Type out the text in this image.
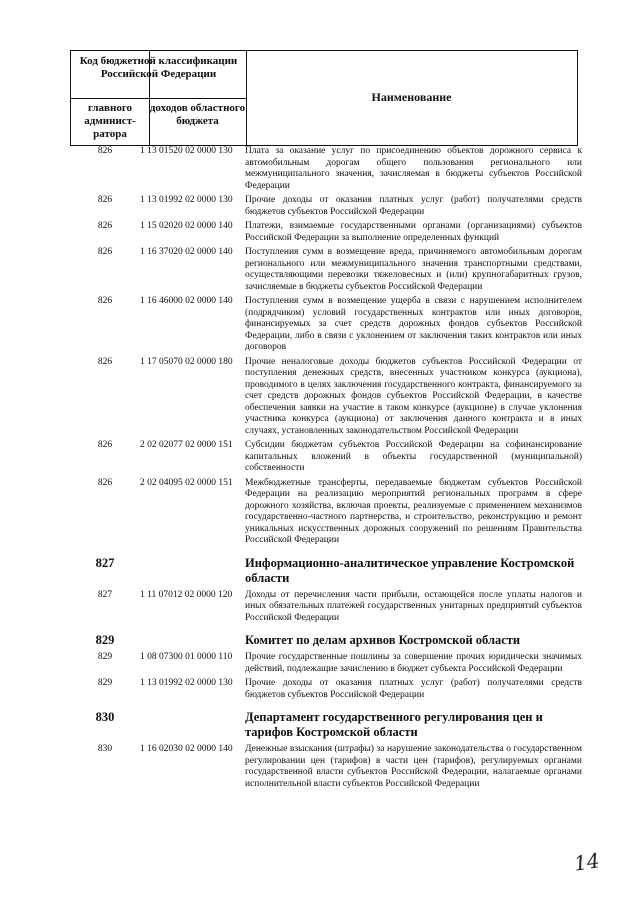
Код бюджетной классификации Российской Федерации
главного админист-ратора
доходов областного бюджета
Наименование
826	1 13 01520 02 0000 130	Плата за оказание услуг по присоединению объектов дорожного сервиса к автомобильным дорогам общего пользования регионального или межмуниципального значения, зачисляемая в бюджеты субъектов Российской Федерации
826	1 13 01992 02 0000 130	Прочие доходы от оказания платных услуг (работ) получателями средств бюджетов субъектов Российской Федерации
826	1 15 02020 02 0000 140	Платежи, взимаемые государственными органами (организациями) субъектов Российской Федерации за выполнение определенных функций
826	1 16 37020 02 0000 140	Поступления сумм в возмещение вреда, причиняемого автомобильным дорогам регионального или межмуниципального значения транспортными средствами, осуществляющими перевозки тяжеловесных и (или) крупногабаритных грузов, зачисляемые в бюджеты субъектов Российской Федерации
826	1 16 46000 02 0000 140	Поступления сумм в возмещение ущерба в связи с нарушением исполнителем (подрядчиком) условий государственных контрактов или иных договоров, финансируемых за счет средств дорожных фондов субъектов Российской Федерации, либо в связи с уклонением от заключения таких контрактов или иных договоров
826	1 17 05070 02 0000 180	Прочие неналоговые доходы бюджетов субъектов Российской Федерации от поступления денежных средств, внесенных участником конкурса (аукциона), проводимого в целях заключения государственного контракта, финансируемого за счет средств дорожных фондов субъектов Российской Федерации, в качестве обеспечения заявки на участие в таком конкурсе (аукционе) в случае уклонения участника конкурса (аукциона) от заключения данного контракта и в иных случаях, установленных законодательством Российской Федерации
826	2 02 02077 02 0000 151	Субсидии бюджетам субъектов Российской Федерации на софинансирование капитальных вложений в объекты государственной (муниципальной) собственности
826	2 02 04095 02 0000 151	Межбюджетные трансферты, передаваемые бюджетам субъектов Российской Федерации на реализацию мероприятий региональных программ в сфере дорожного хозяйства, включая проекты, реализуемые с применением механизмов государственно-частного партнерства, и строительство, реконструкцию и ремонт уникальных искусственных дорожных сооружений по решениям Правительства Российской Федерации
827	Информационно-аналитическое управление Костромской области
827	1 11 07012 02 0000 120	Доходы от перечисления части прибыли, остающейся после уплаты налогов и иных обязательных платежей государственных унитарных предприятий субъектов Российской Федерации
829	Комитет по делам архивов Костромской области
829	1 08 07300 01 0000 110	Прочие государственные пошлины за совершение прочих юридически значимых действий, подлежащие зачислению в бюджет субъекта Российской Федерации
829	1 13 01992 02 0000 130	Прочие доходы от оказания платных услуг (работ) получателями средств бюджетов субъектов Российской Федерации
830	Департамент государственного регулирования цен и тарифов Костромской области
830	1 16 02030 02 0000 140	Денежные взыскания (штрафы) за нарушение законодательства о государственном регулировании цен (тарифов) в части цен (тарифов), регулируемых органами государственной власти субъектов Российской Федерации, налагаемые органами исполнительной власти субъектов Российской Федерации
14
